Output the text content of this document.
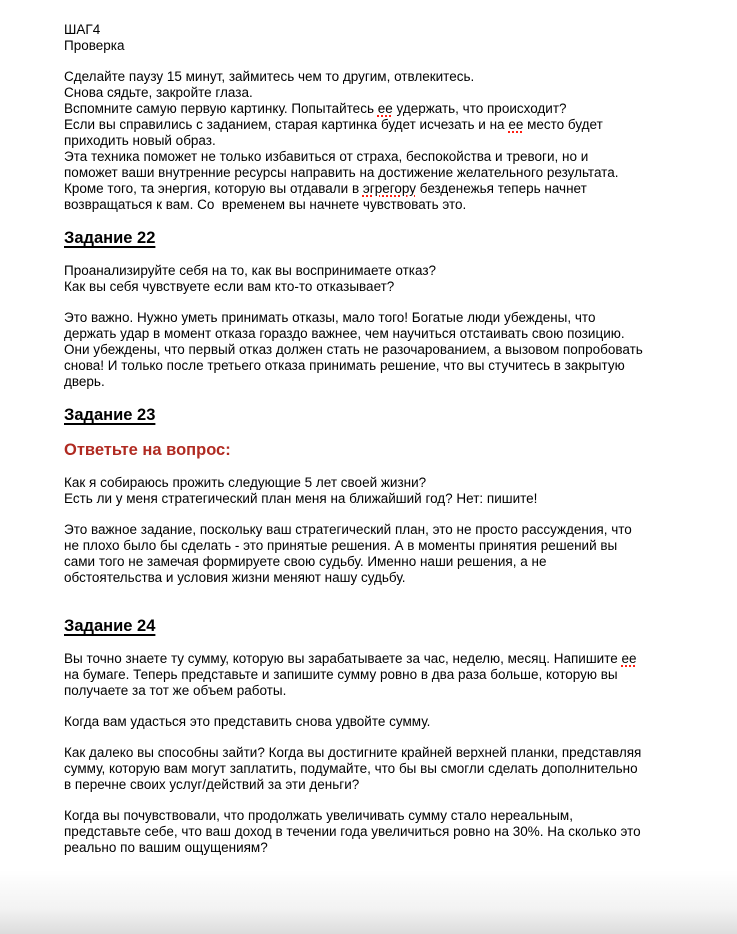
ШАГ4
Проверка
Сделайте паузу 15 минут, займитесь чем то другим, отвлекитесь.
Снова сядьте, закройте глаза.
Вспомните самую первую картинку. Попытайтесь ее удержать, что происходит?
Если вы справились с заданием, старая картинка будет исчезать и на ее место будет
приходить новый образ.
Эта техника поможет не только избавиться от страха, беспокойства и тревоги, но и
поможет ваши внутренние ресурсы направить на достижение желательного результата.
Кроме того, та энергия, которую вы отдавали в эгрегору безденежья теперь начнет
возвращаться к вам. Со  временем вы начнете чувствовать это.
Задание 22
Проанализируйте себя на то, как вы воспринимаете отказ?
Как вы себя чувствуете если вам кто-то отказывает?
Это важно. Нужно уметь принимать отказы, мало того! Богатые люди убеждены, что
держать удар в момент отказа гораздо важнее, чем научиться отстаивать свою позицию.
Они убеждены, что первый отказ должен стать не разочарованием, а вызовом попробовать
снова! И только после третьего отказа принимать решение, что вы стучитесь в закрытую
дверь.
Задание 23
Ответьте на вопрос:
Как я собираюсь прожить следующие 5 лет своей жизни?
Есть ли у меня стратегический план меня на ближайший год? Нет: пишите!
Это важное задание, поскольку ваш стратегический план, это не просто рассуждения, что
не плохо было бы сделать - это принятые решения. А в моменты принятия решений вы
сами того не замечая формируете свою судьбу. Именно наши решения, а не
обстоятельства и условия жизни меняют нашу судьбу.
Задание 24
Вы точно знаете ту сумму, которую вы зарабатываете за час, неделю, месяц. Напишите ее
на бумаге. Теперь представьте и запишите сумму ровно в два раза больше, которую вы
получаете за тот же объем работы.
Когда вам удасться это представить снова удвойте сумму.
Как далеко вы способны зайти? Когда вы достигните крайней верхней планки, представляя
сумму, которую вам могут заплатить, подумайте, что бы вы смогли сделать дополнительно
в перечне своих услуг/действий за эти деньги?
Когда вы почувствовали, что продолжать увеличивать сумму стало нереальным,
представьте себе, что ваш доход в течении года увеличиться ровно на 30%. На сколько это
реально по вашим ощущениям?
